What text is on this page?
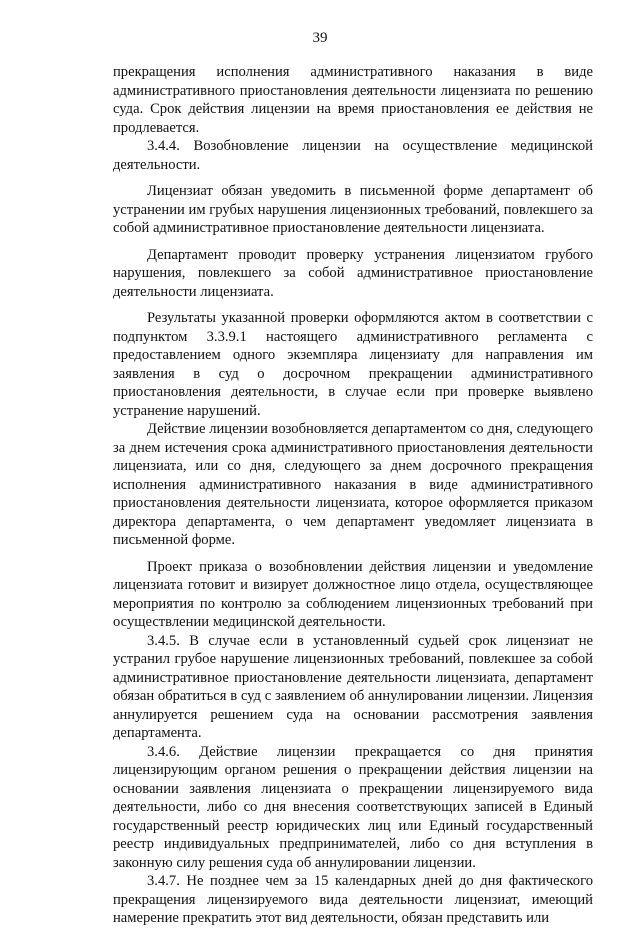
39

прекращения исполнения административного наказания в виде административного приостановления деятельности лицензиата по решению суда. Срок действия лицензии на время приостановления ее действия не продлевается.

3.4.4. Возобновление лицензии на осуществление медицинской деятельности.

Лицензиат обязан уведомить в письменной форме департамент об устранении им грубых нарушения лицензионных требований, повлекшего за собой административное приостановление деятельности лицензиата.

Департамент проводит проверку устранения лицензиатом грубого нарушения, повлекшего за собой административное приостановление деятельности лицензиата.

Результаты указанной проверки оформляются актом в соответствии с подпунктом 3.3.9.1 настоящего административного регламента с предоставлением одного экземпляра лицензиату для направления им заявления в суд о досрочном прекращении административного приостановления деятельности, в случае если при проверке выявлено устранение нарушений.

Действие лицензии возобновляется департаментом со дня, следующего за днем истечения срока административного приостановления деятельности лицензиата, или со дня, следующего за днем досрочного прекращения исполнения административного наказания в виде административного приостановления деятельности лицензиата, которое оформляется приказом директора департамента, о чем департамент уведомляет лицензиата в письменной форме.

Проект приказа о возобновлении действия лицензии и уведомление лицензиата готовит и визирует должностное лицо отдела, осуществляющее мероприятия по контролю за соблюдением лицензионных требований при осуществлении медицинской деятельности.

3.4.5. В случае если в установленный судьей срок лицензиат не устранил грубое нарушение лицензионных требований, повлекшее за собой административное приостановление деятельности лицензиата, департамент обязан обратиться в суд с заявлением об аннулировании лицензии. Лицензия аннулируется решением суда на основании рассмотрения заявления департамента.

3.4.6. Действие лицензии прекращается со дня принятия лицензирующим органом решения о прекращении действия лицензии на основании заявления лицензиата о прекращении лицензируемого вида деятельности, либо со дня внесения соответствующих записей в Единый государственный реестр юридических лиц или Единый государственный реестр индивидуальных предпринимателей, либо со дня вступления в законную силу решения суда об аннулировании лицензии.

3.4.7. Не позднее чем за 15 календарных дней до дня фактического прекращения лицензируемого вида деятельности лицензиат, имеющий намерение прекратить этот вид деятельности, обязан представить или
